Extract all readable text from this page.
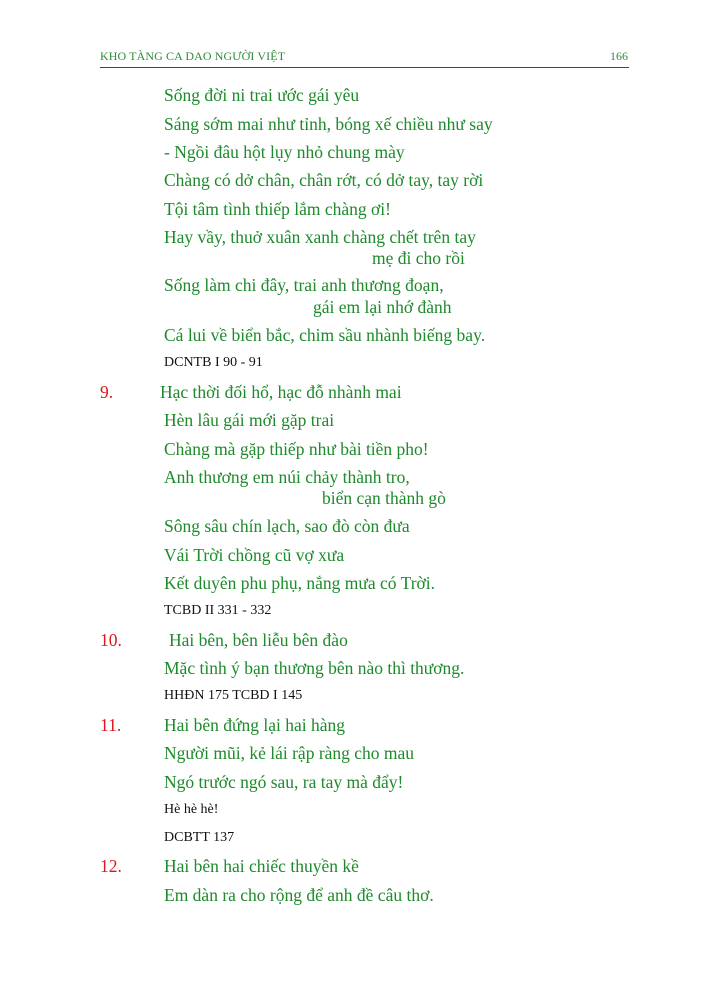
KHO TÀNG CA DAO NGƯỜI VIỆT	166
Sống đời ni trai ước gái yêu
Sáng sớm mai như tỉnh, bóng xế chiều như say
- Ngồi đâu hột lụy nhỏ chung mày
Chàng có dở chân, chân rớt, có dở tay, tay rời
Tội tâm tình thiếp lắm chàng ơi!
Hay vầy, thuở xuân xanh chàng chết trên tay
mẹ đi cho rồi
Sống làm chi đây, trai anh thương đoạn,
gái em lại nhớ đành
Cá lui về biển bắc, chim sầu nhành biếng bay.
DCNTB I 90 - 91
9.	Hạc thời đối hổ, hạc đỗ nhành mai
Hèn lâu gái mới gặp trai
Chàng mà gặp thiếp như bài tiền pho!
Anh thương em núi chảy thành tro,
biển cạn thành gò
Sông sâu chín lạch, sao đò còn đưa
Vái Trời chồng cũ vợ xưa
Kết duyên phu phụ, nắng mưa có Trời.
TCBD II 331 - 332
10.	Hai bên, bên liễu bên đào
Mặc tình ý bạn thương bên nào thì thương.
HHĐN 175 TCBD I 145
11. Hai bên đứng lại hai hàng
Người mũi, kẻ lái rập ràng cho mau
Ngó trước ngó sau, ra tay mà đẩy!
Hè hè hè!
DCBTT 137
12. Hai bên hai chiếc thuyền kề
Em dàn ra cho rộng để anh đề câu thơ.
